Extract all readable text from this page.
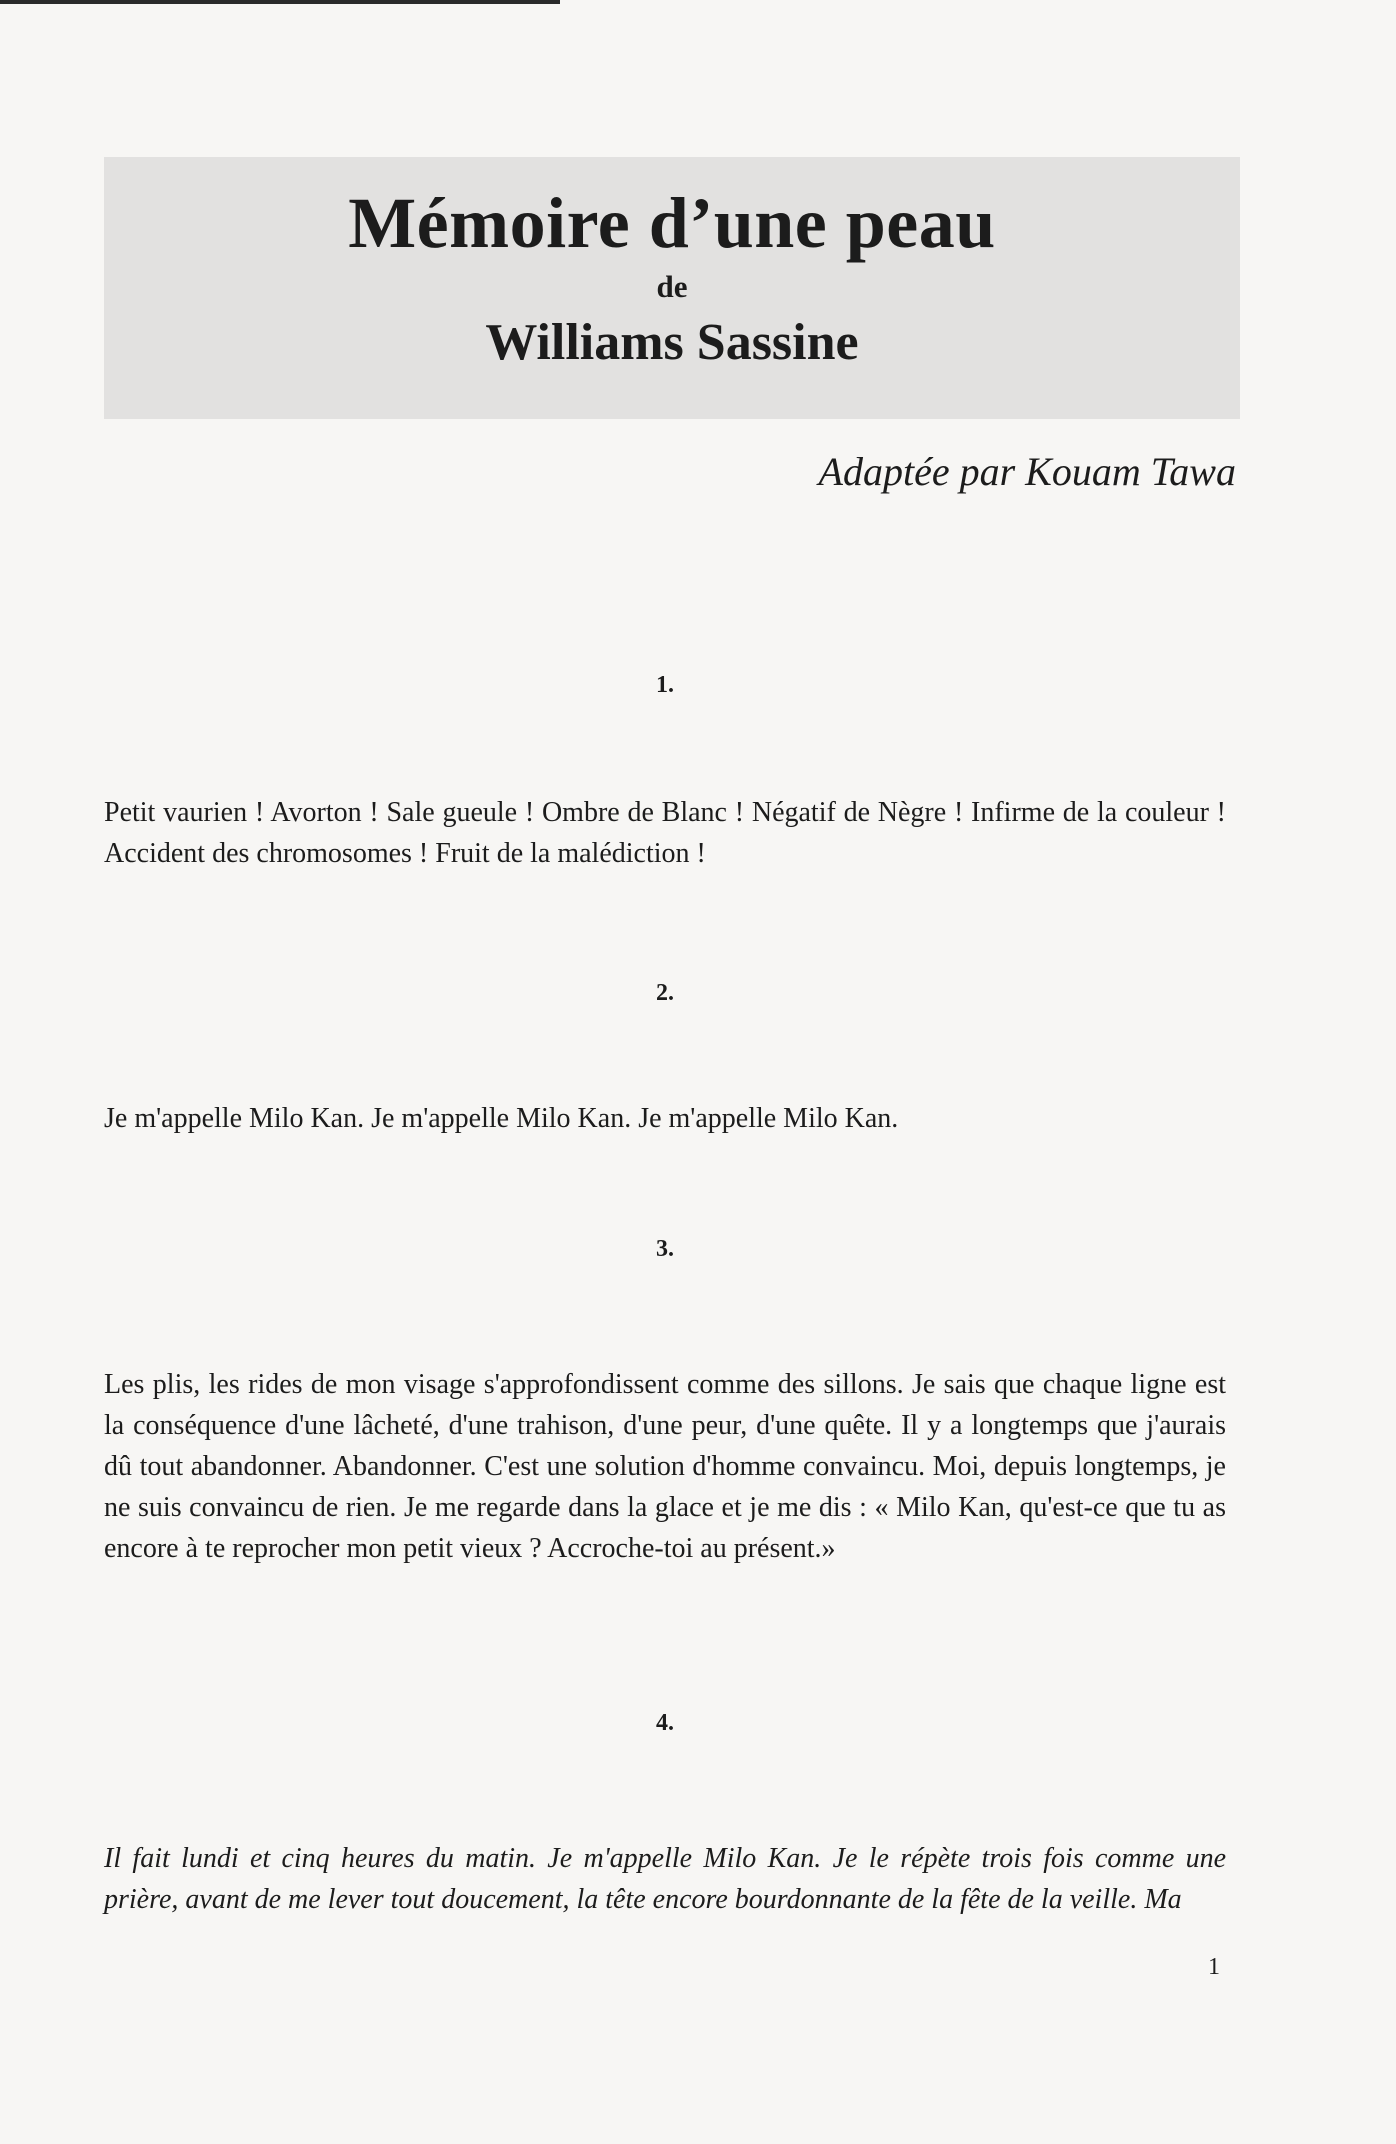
Mémoire d’une peau
de
Williams Sassine
Adaptée par Kouam Tawa
1.

Petit vaurien ! Avorton ! Sale gueule ! Ombre de Blanc ! Négatif de Nègre ! Infirme de la couleur ! Accident des chromosomes ! Fruit de la malédiction !

2.

Je m'appelle Milo Kan. Je m'appelle Milo Kan. Je m'appelle Milo Kan.

3.

Les plis, les rides de mon visage s'approfondissent comme des sillons. Je sais que chaque ligne est la conséquence d'une lâcheté, d'une trahison, d'une peur, d'une quête. Il y a longtemps que j'aurais dû tout abandonner. Abandonner. C'est une solution d'homme convaincu. Moi, depuis longtemps, je ne suis convaincu de rien. Je me regarde dans la glace et je me dis : « Milo Kan, qu'est-ce que tu as encore à te reprocher mon petit vieux ? Accroche-toi au présent.»

4.

Il fait lundi et cinq heures du matin. Je m'appelle Milo Kan. Je le répète trois fois comme une prière, avant de me lever tout doucement, la tête encore bourdonnante de la fête de la veille. Ma

1
